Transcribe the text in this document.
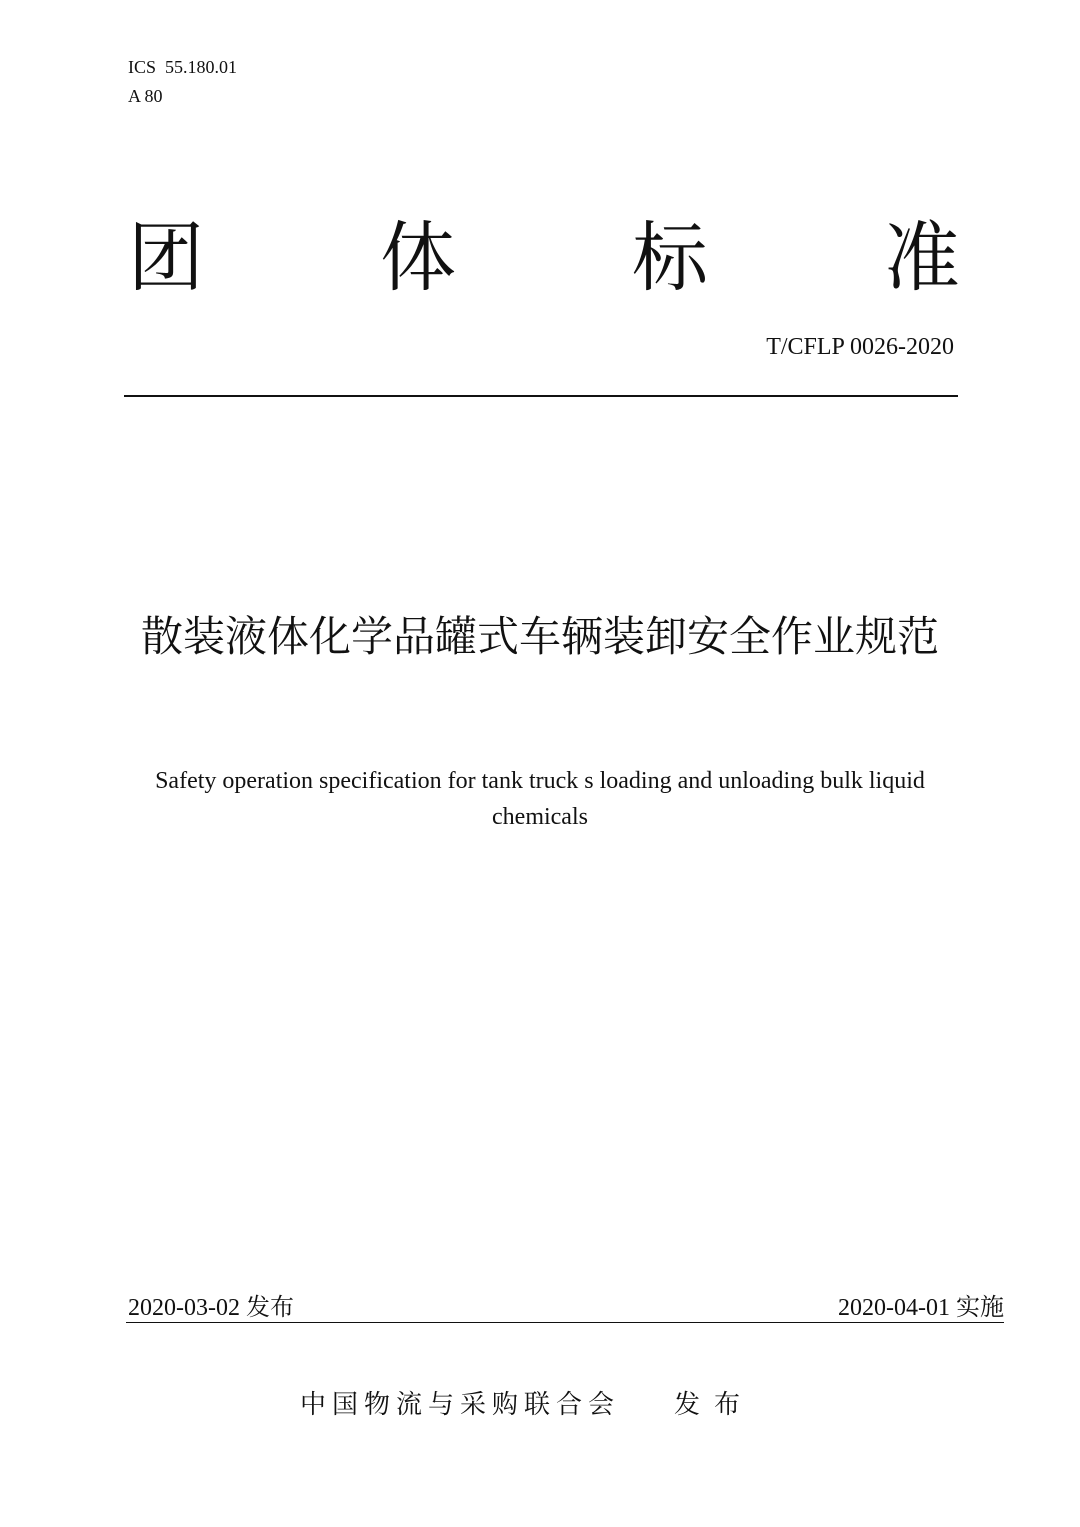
ICS  55.180.01
A 80
团 体 标 准
T/CFLP 0026-2020
散装液体化学品罐式车辆装卸安全作业规范
Safety operation specification for tank truck s loading and unloading bulk liquid chemicals
2020-03-02 发布	2020-04-01 实施
中国物流与采购联合会 发布
